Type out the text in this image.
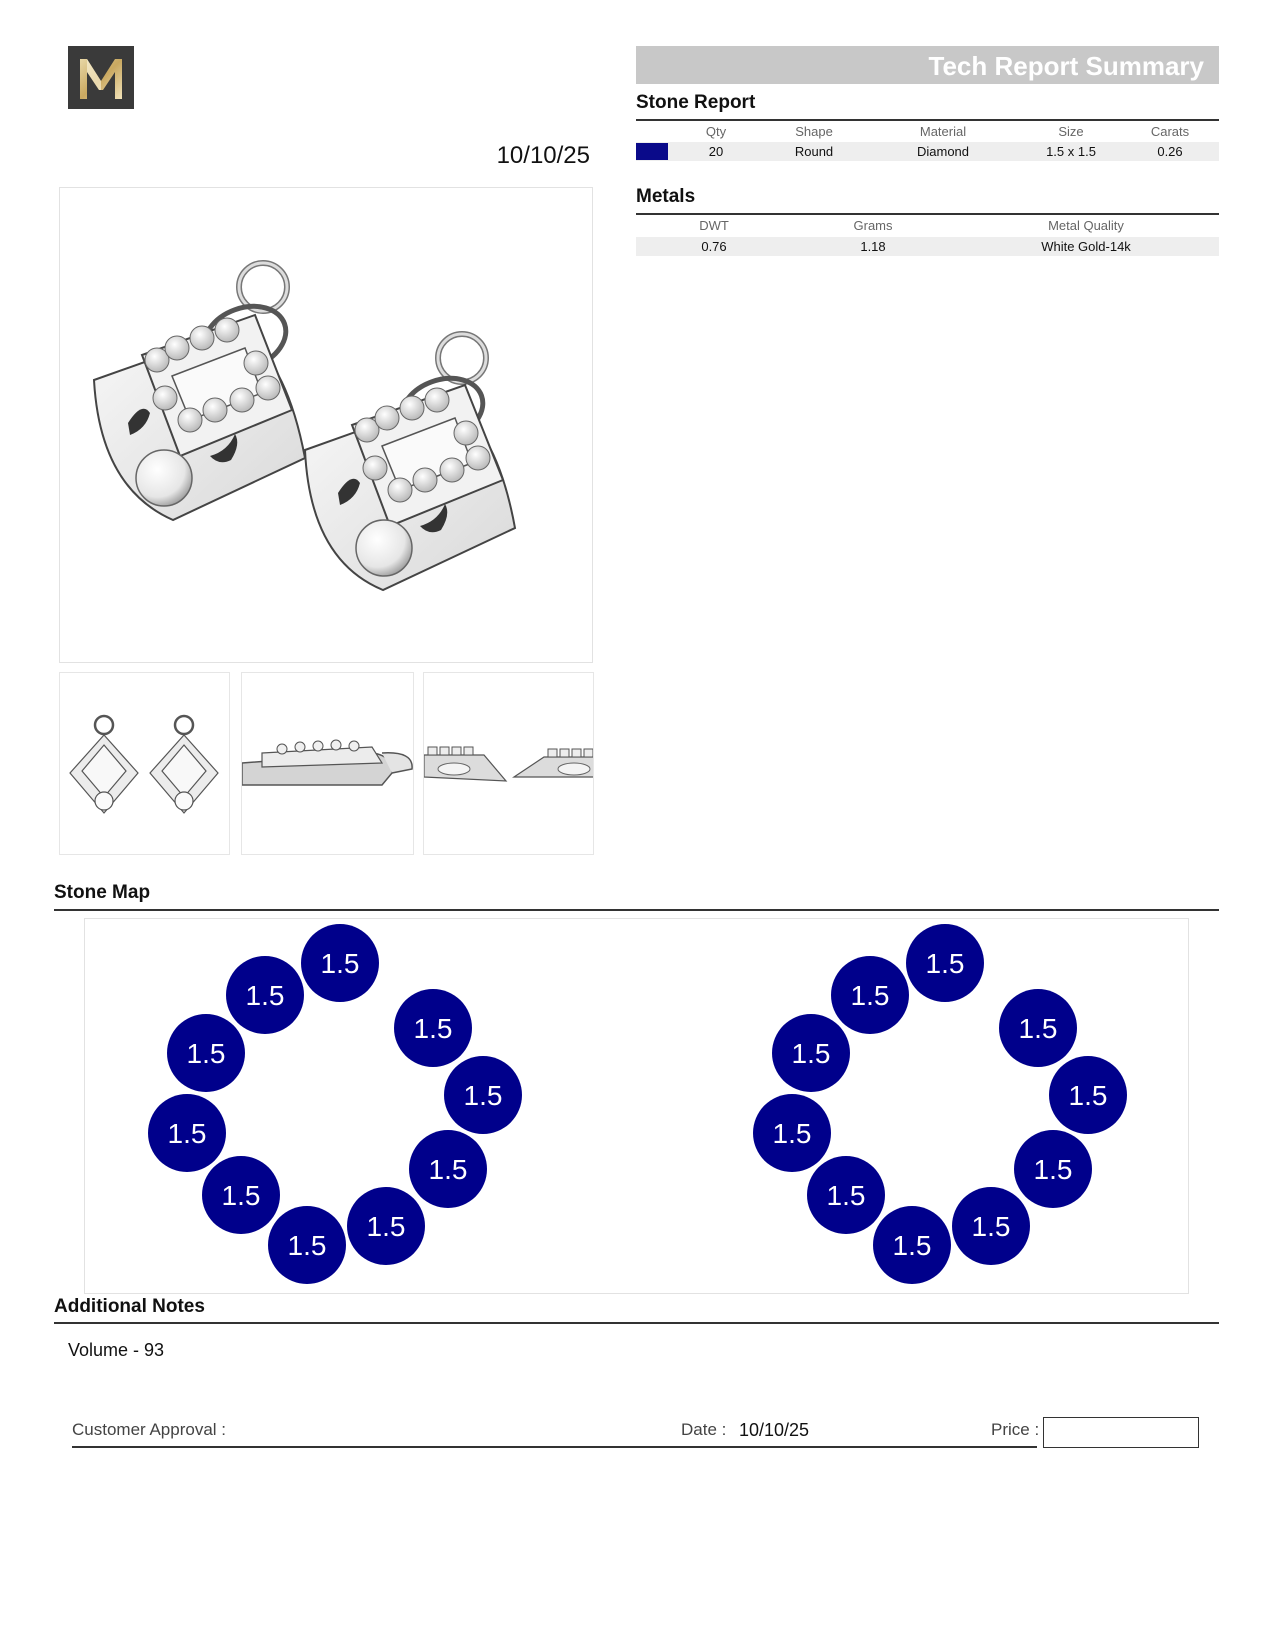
Tech Report Summary
10/10/25
Stone Report
Qty	Shape	Material	Size	Carats
20	Round	Diamond	1.5 x 1.5	0.26
Metals
DWT	Grams	Metal Quality
0.76	1.18	White Gold-14k
Stone Map
1.5
1.5
1.5
1.5
1.5
1.5
1.5
1.5
1.5
1.5
1.5
1.5
1.5
1.5
1.5
1.5
1.5
1.5
1.5
1.5
Additional Notes
Volume - 93
Customer Approval :	Date : 10/10/25	Price :
